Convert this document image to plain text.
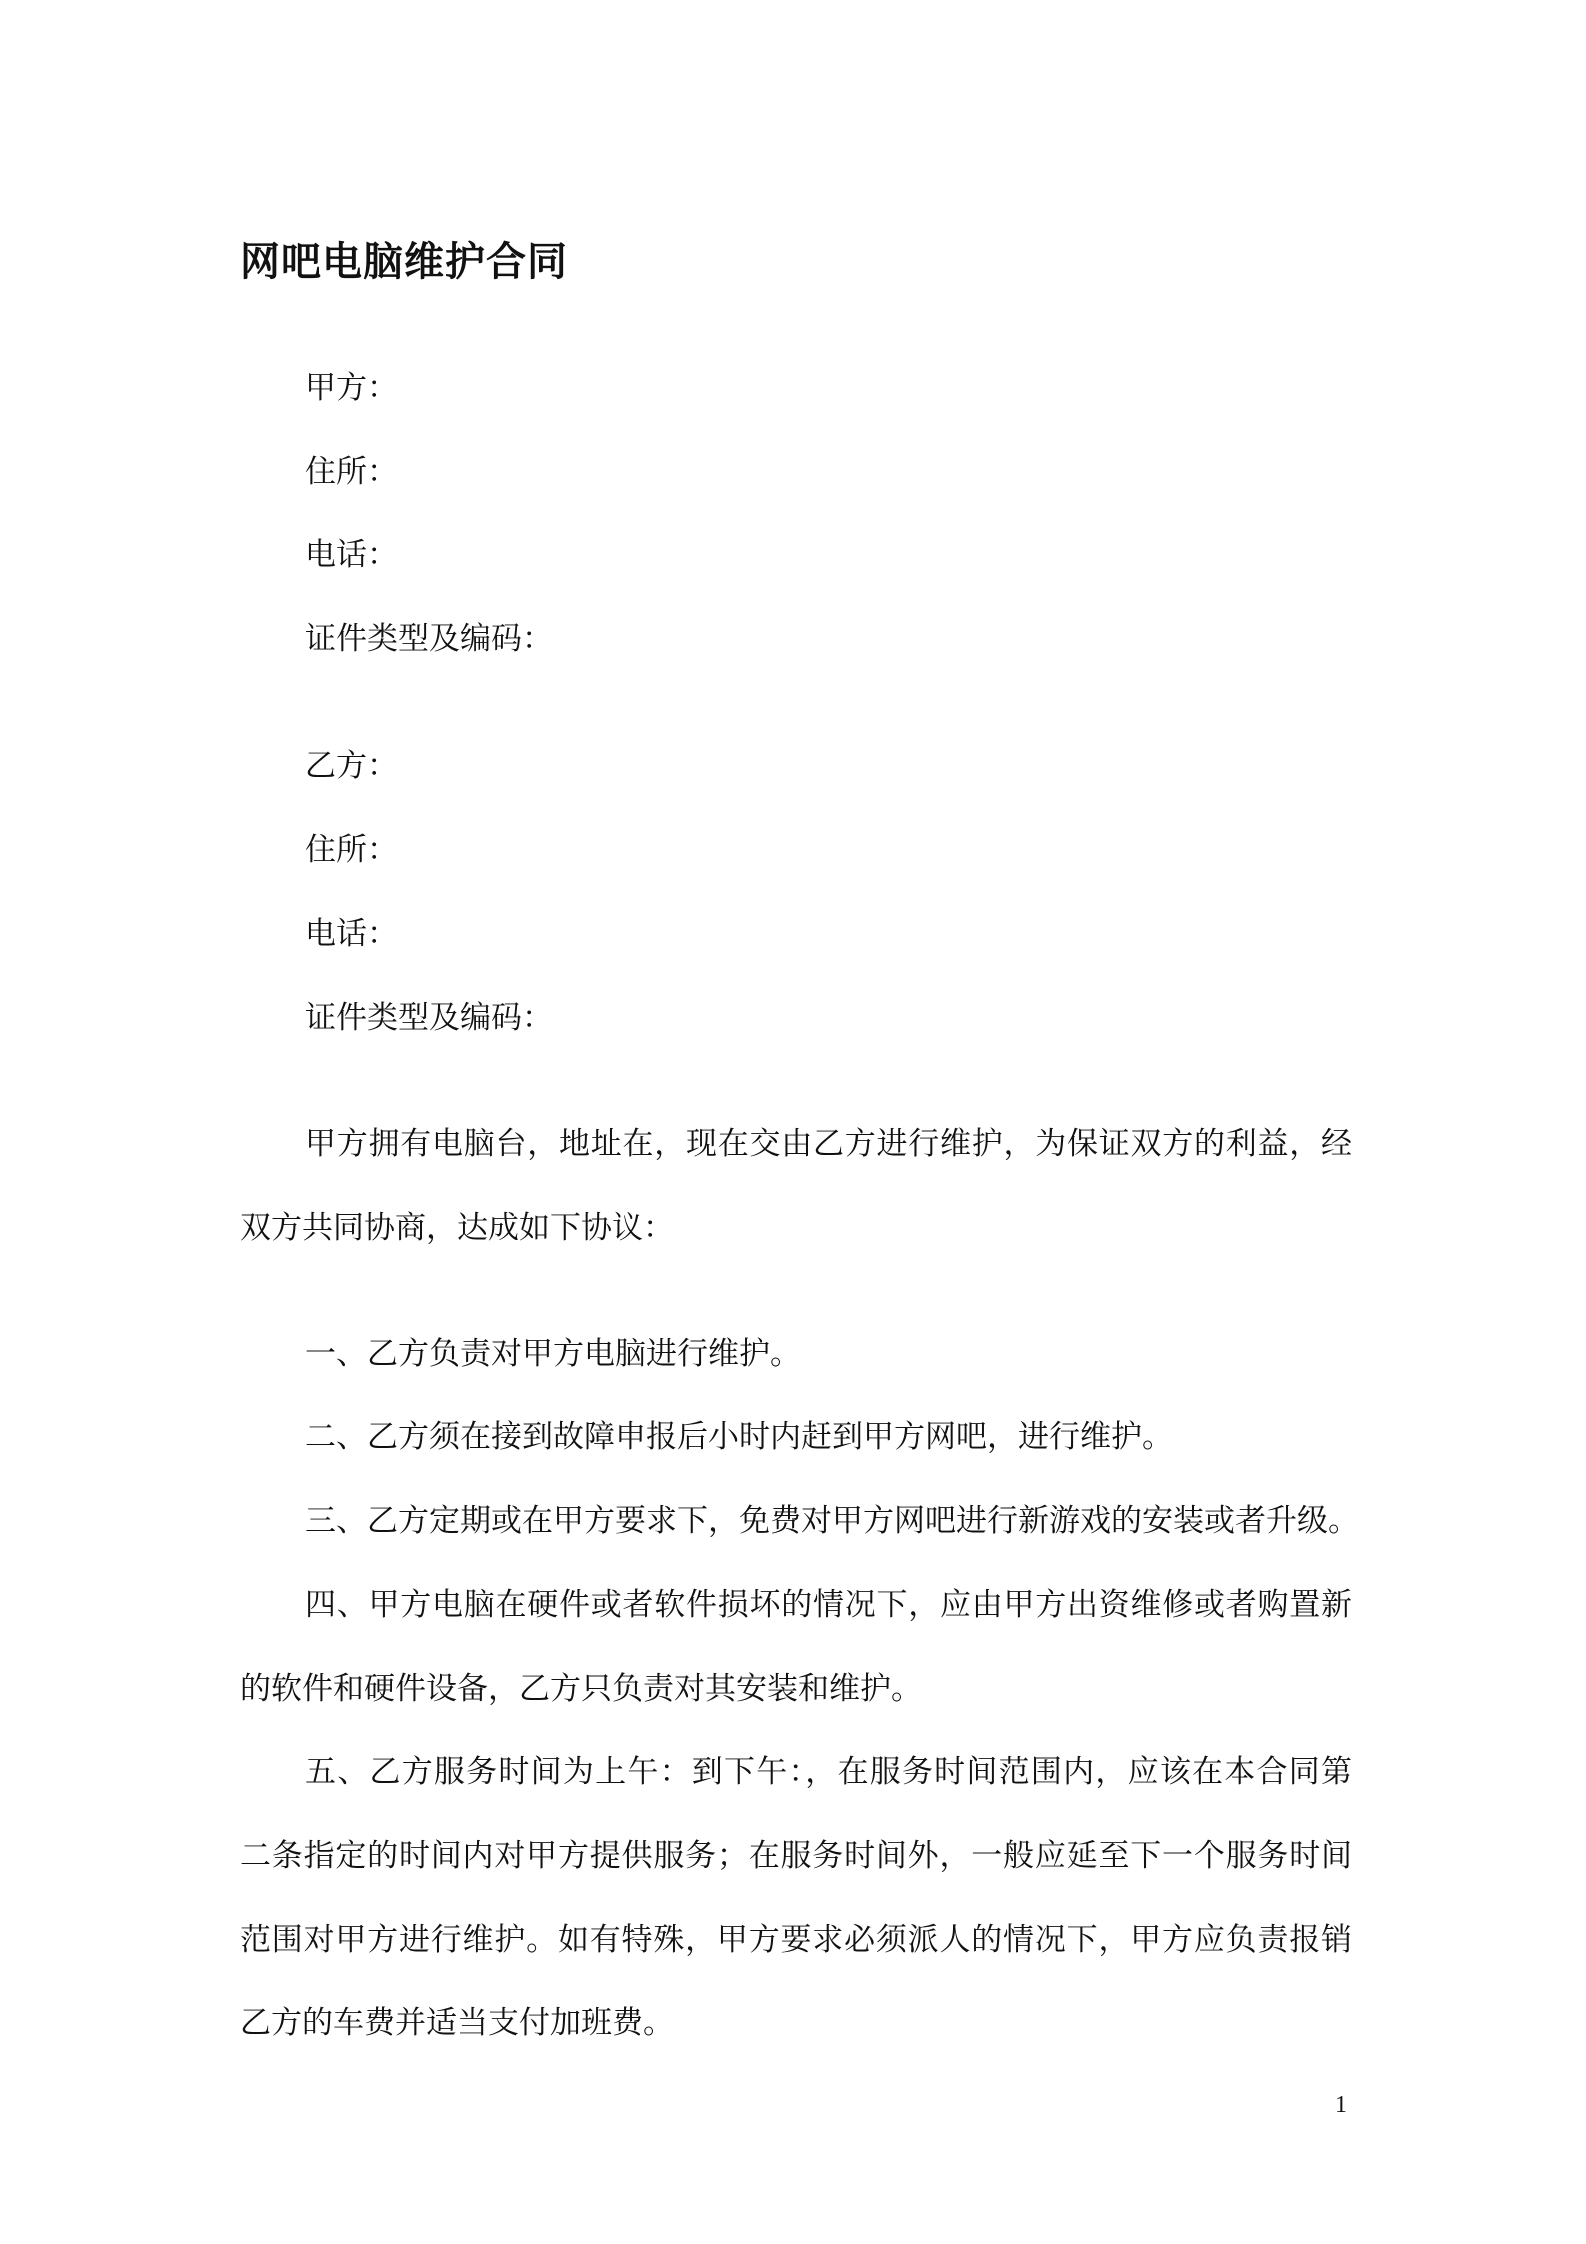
网吧电脑维护合同

甲方：

住所：

电话：

证件类型及编码：

乙方：

住所：

电话：

证件类型及编码：

甲方拥有电脑台，地址在，现在交由乙方进行维护，为保证双方的利益，经

双方共同协商，达成如下协议：

一、乙方负责对甲方电脑进行维护。

二、乙方须在接到故障申报后小时内赶到甲方网吧，进行维护。

三、乙方定期或在甲方要求下，免费对甲方网吧进行新游戏的安装或者升级。

四、甲方电脑在硬件或者软件损坏的情况下，应由甲方出资维修或者购置新

的软件和硬件设备，乙方只负责对其安装和维护。

五、乙方服务时间为上午：到下午：，在服务时间范围内，应该在本合同第

二条指定的时间内对甲方提供服务；在服务时间外，一般应延至下一个服务时间

范围对甲方进行维护。如有特殊，甲方要求必须派人的情况下，甲方应负责报销

乙方的车费并适当支付加班费。

1
